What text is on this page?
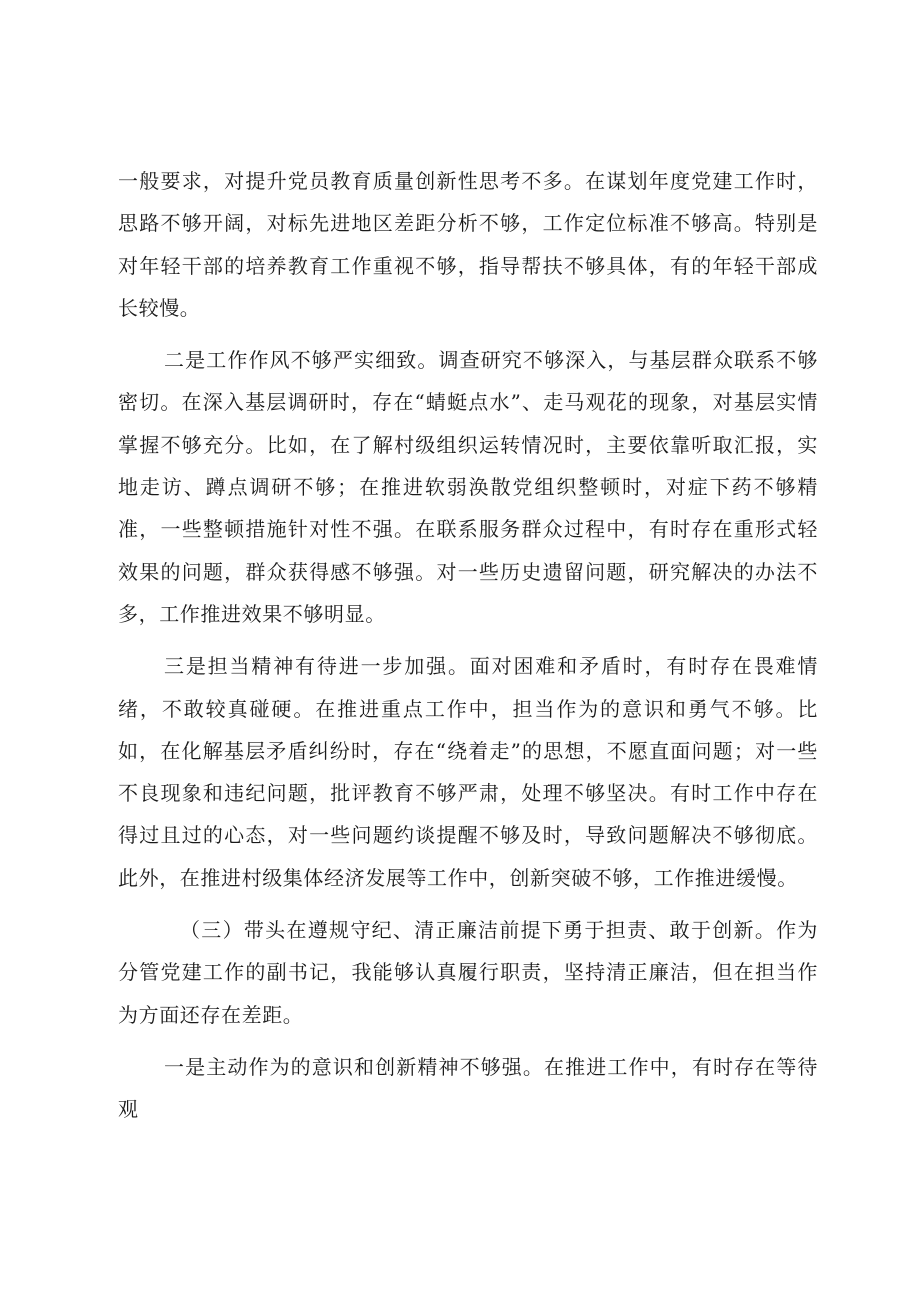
一般要求，对提升党员教育质量创新性思考不多。在谋划年度党建工作时，思路不够开阔，对标先进地区差距分析不够，工作定位标准不够高。特别是对年轻干部的培养教育工作重视不够，指导帮扶不够具体，有的年轻干部成长较慢。

二是工作作风不够严实细致。调查研究不够深入，与基层群众联系不够密切。在深入基层调研时，存在“蜻蜓点水”、走马观花的现象，对基层实情掌握不够充分。比如，在了解村级组织运转情况时，主要依靠听取汇报，实地走访、蹲点调研不够；在推进软弱涣散党组织整顿时，对症下药不够精准，一些整顿措施针对性不强。在联系服务群众过程中，有时存在重形式轻效果的问题，群众获得感不够强。对一些历史遗留问题，研究解决的办法不多，工作推进效果不够明显。

三是担当精神有待进一步加强。面对困难和矛盾时，有时存在畏难情绪，不敢较真碰硬。在推进重点工作中，担当作为的意识和勇气不够。比如，在化解基层矛盾纠纷时，存在“绕着走”的思想，不愿直面问题；对一些不良现象和违纪问题，批评教育不够严肃，处理不够坚决。有时工作中存在得过且过的心态，对一些问题约谈提醒不够及时，导致问题解决不够彻底。此外，在推进村级集体经济发展等工作中，创新突破不够，工作推进缓慢。

（三）带头在遵规守纪、清正廉洁前提下勇于担责、敢于创新。作为分管党建工作的副书记，我能够认真履行职责，坚持清正廉洁，但在担当作为方面还存在差距。

一是主动作为的意识和创新精神不够强。在推进工作中，有时存在等待观
